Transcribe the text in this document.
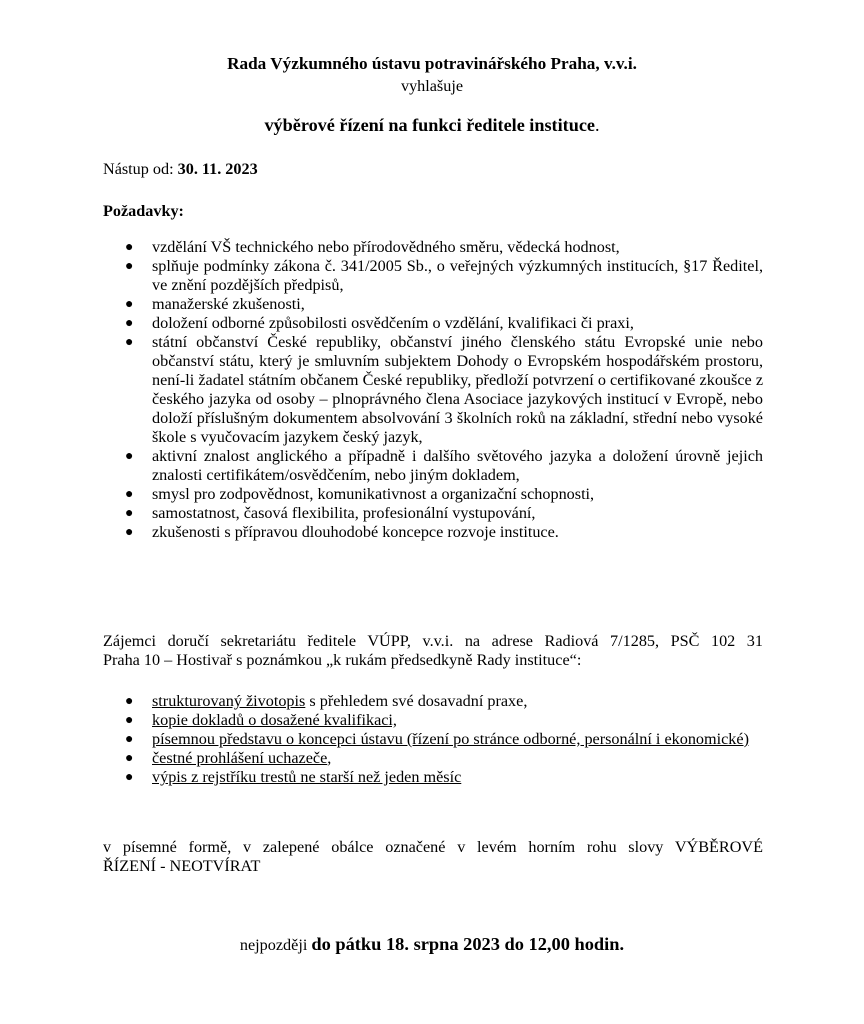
Rada Výzkumného ústavu potravinářského Praha, v.v.i.
vyhlašuje
výběrové řízení na funkci ředitele instituce.
Nástup od: 30. 11. 2023
Požadavky:
● vzdělání VŠ technického nebo přírodovědného směru, vědecká hodnost,
● splňuje podmínky zákona č. 341/2005 Sb., o veřejných výzkumných institucích, §17 Ředitel, ve znění pozdějších předpisů,
● manažerské zkušenosti,
● doložení odborné způsobilosti osvědčením o vzdělání, kvalifikaci či praxi,
● státní občanství České republiky, občanství jiného členského státu Evropské unie nebo občanství státu, který je smluvním subjektem Dohody o Evropském hospodářském prostoru, není-li žadatel státním občanem České republiky, předloží potvrzení o certifikované zkoušce z českého jazyka od osoby – plnoprávného člena Asociace jazykových institucí v Evropě, nebo doloží příslušným dokumentem absolvování 3 školních roků na základní, střední nebo vysoké škole s vyučovacím jazykem český jazyk,
● aktivní znalost anglického a případně i dalšího světového jazyka a doložení úrovně jejich znalosti certifikátem/osvědčením, nebo jiným dokladem,
● smysl pro zodpovědnost, komunikativnost a organizační schopnosti,
● samostatnost, časová flexibilita, profesionální vystupování,
● zkušenosti s přípravou dlouhodobé koncepce rozvoje instituce.
Zájemci doručí sekretariátu ředitele VÚPP, v.v.i. na adrese Radiová 7/1285, PSČ 102 31
Praha 10 – Hostivař s poznámkou „k rukám předsedkyně Rady instituce“:
● strukturovaný životopis s přehledem své dosavadní praxe,
● kopie dokladů o dosažené kvalifikaci,
● písemnou představu o koncepci ústavu (řízení po stránce odborné, personální i ekonomické)
● čestné prohlášení uchazeče,
● výpis z rejstříku trestů ne starší než jeden měsíc
v písemné formě, v zalepené obálce označené v levém horním rohu slovy VÝBĚROVÉ
ŘÍZENÍ - NEOTVÍRAT
nejpozději do pátku 18. srpna 2023 do 12,00 hodin.
